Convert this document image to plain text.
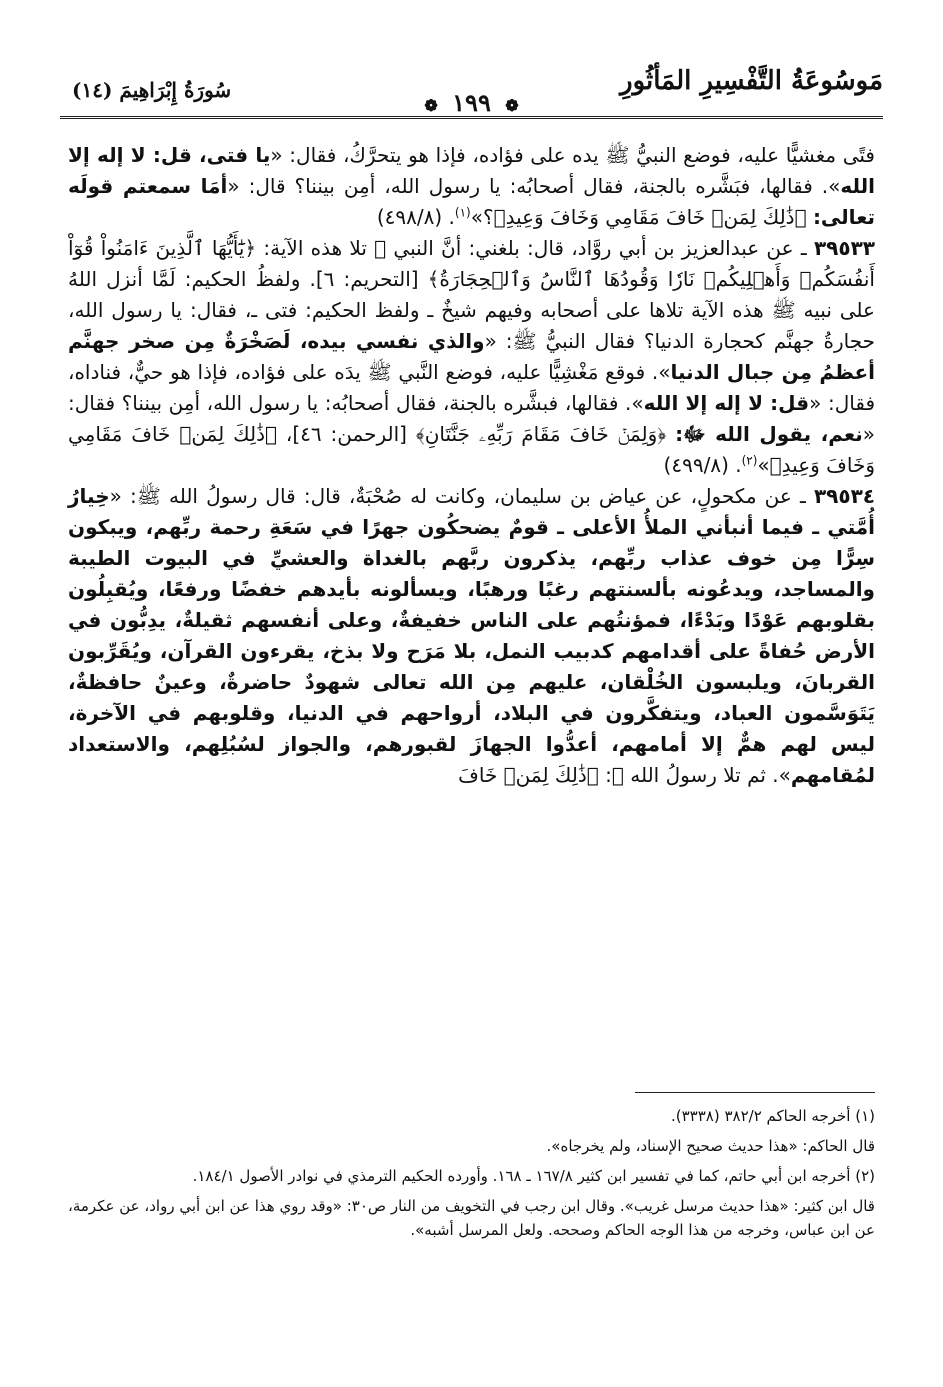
سُورَةُ إِبْرَاهِيمَ (١٤)
❁ ١٩٩ ❁
مَوسُوعَةُ التَّفْسِيرِ المَأثُورِ

فتًى مغشيًّا عليه، فوضع النبيُّ ﷺ يده على فؤاده، فإذا هو يتحرَّكُ، فقال: «يا فتى، قل: لا إله إلا الله». فقالها، فبَشَّره بالجنة، فقال أصحابُه: يا رسول الله، أمِن بيننا؟ قال: «أمَا سمعتم قولَه تعالى: ﴿ذَٰلِكَ لِمَنۡ خَافَ مَقَامِي وَخَافَ وَعِيدِ﴾؟»$^{(١)}$. (٤٩٨/٨)

٣٩٥٣٣ ـ عن عبدالعزيز بن أبي روَّاد، قال: بلغني: أنَّ النبي ﷺ تلا هذه الآية: ﴿يَٰٓأَيُّهَا ٱلَّذِينَ ءَامَنُواْ قُوٓاْ أَنفُسَكُمۡ وَأَهۡلِيكُمۡ نَارٗا وَقُودُهَا ٱلنَّاسُ وَٱلۡحِجَارَةُ﴾ [التحريم: ٦]. ولفظُ الحكيم: لَمَّا أنزل اللهُ على نبيه ﷺ هذه الآية تلاها على أصحابه وفيهم شيخٌ ـ ولفظ الحكيم: فتى ـ، فقال: يا رسول الله، حجارةُ جهنَّم كحجارة الدنيا؟ فقال النبيُّ ﷺ: «والذي نفسي بيده، لَصَخْرَةٌ مِن صخر جهنَّم أعظمُ مِن جبال الدنيا». فوقع مَغْشِيًّا عليه، فوضع النَّبي ﷺ يدَه على فؤاده، فإذا هو حيٌّ، فناداه، فقال: «قل: لا إله إلا الله». فقالها، فبشَّره بالجنة، فقال أصحابُه: يا رسول الله، أمِن بيننا؟ فقال: «نعم، يقول الله ﷻ: ﴿وَلِمَنۡ خَافَ مَقَامَ رَبِّهِۦ جَنَّتَانِ﴾ [الرحمن: ٤٦]، ﴿ذَٰلِكَ لِمَنۡ خَافَ مَقَامِي وَخَافَ وَعِيدِ﴾»$^{(٢)}$. (٤٩٩/٨)

٣٩٥٣٤ ـ عن مكحولٍ، عن عياض بن سليمان، وكانت له صُحْبَةٌ، قال: قال رسولُ الله ﷺ: «خِيارُ أُمَّتي ـ فيما أنبأني الملأُ الأعلى ـ قومٌ يضحكُون جهرًا في سَعَةِ رحمة ربِّهم، ويبكون سِرًّا مِن خوف عذاب ربِّهم، يذكرون ربَّهم بالغداة والعشيِّ في البيوت الطيبة والمساجد، ويدعُونه بألسنتهم رغبًا ورهبًا، ويسألونه بأيدهم خفضًا ورفعًا، ويُقبِلُون بقلوبهم عَوْدًا وبَدْءًا، فمؤنتُهم على الناس خفيفةٌ، وعلى أنفسهم ثقيلةٌ، يدِبُّون في الأرض حُفاةً على أقدامهم كدبيب النمل، بلا مَرَح ولا بذخ، يقرءون القرآن، ويُقَرِّبون القربانَ، ويلبسون الخُلْقان، عليهم مِن الله تعالى شهودٌ حاضرةٌ، وعينٌ حافظةٌ، يَتَوَسَّمون العباد، ويتفكَّرون في البلاد، أرواحهم في الدنيا، وقلوبهم في الآخرة، ليس لهم همٌّ إلا أمامهم، أعدُّوا الجهازَ لقبورهم، والجواز لسُبُلِهم، والاستعداد لمُقامهم». ثم تلا رسولُ الله ﷺ: ﴿ذَٰلِكَ لِمَنۡ خَافَ

(١) أخرجه الحاكم ٣٨٢/٢ (٣٣٣٨).

قال الحاكم: «هذا حديث صحيح الإسناد، ولم يخرجاه».

(٢) أخرجه ابن أبي حاتم، كما في تفسير ابن كثير ١٦٧/٨ ـ ١٦٨. وأورده الحكيم الترمذي في نوادر الأصول ١٨٤/١.

قال ابن كثير: «هذا حديث مرسل غريب». وقال ابن رجب في التخويف من النار ص٣٠: «وقد روي هذا عن ابن أبي رواد، عن عكرمة، عن ابن عباس، وخرجه من هذا الوجه الحاكم وصححه. ولعل المرسل أشبه».
